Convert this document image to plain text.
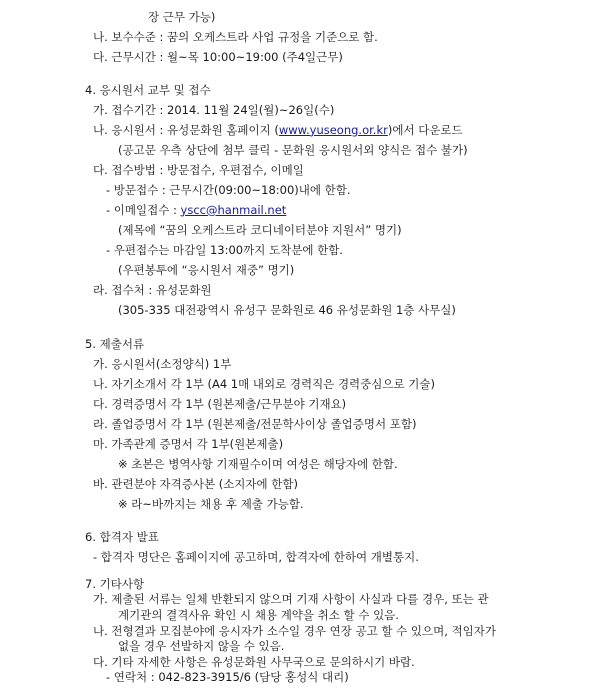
장 근무 가능)
나. 보수수준 : 꿈의 오케스트라 사업 규정을 기준으로 함.
다. 근무시간 : 월~목 10:00~19:00 (주4일근무)
4. 응시원서 교부 및 접수
가. 접수기간 : 2014. 11월 24일(월)~26일(수)
나. 응시원서 : 유성문화원 홈페이지 (www.yuseong.or.kr)에서 다운로드
(공고문 우측 상단에 첨부 클릭 - 문화원 응시원서외 양식은 접수 불가)
다. 접수방법 : 방문접수, 우편접수, 이메일
- 방문접수 : 근무시간(09:00~18:00)내에 한함.
- 이메일접수 : yscc@hanmail.net
(제목에 “꿈의 오케스트라 코디네이터분야 지원서” 명기)
- 우편접수는 마감일 13:00까지 도착분에 한함.
(우편봉투에 “응시원서 재중” 명기)
라. 접수처 : 유성문화원
(305-335 대전광역시 유성구 문화원로 46 유성문화원 1층 사무실)
5. 제출서류
가. 응시원서(소정양식) 1부
나. 자기소개서 각 1부 (A4 1매 내외로 경력직은 경력중심으로 기술)
다. 경력증명서 각 1부 (원본제출/근무분야 기재요)
라. 졸업증명서 각 1부 (원본제출/전문학사이상 졸업증명서 포함)
마. 가족관계 증명서 각 1부(원본제출)
※ 초본은 병역사항 기재필수이며 여성은 해당자에 한함.
바. 관련분야 자격증사본 (소지자에 한함)
※ 라~바까지는 채용 후 제출 가능함.
6. 합격자 발표
- 합격자 명단은 홈페이지에 공고하며, 합격자에 한하여 개별통지.
7. 기타사항
가. 제출된 서류는 일체 반환되지 않으며 기재 사항이 사실과 다를 경우, 또는 관
계기관의 결격사유 확인 시 채용 계약을 취소 할 수 있음.
나. 전형결과 모집분야에 응시자가 소수일 경우 연장 공고 할 수 있으며, 적임자가
없을 경우 선발하지 않을 수 있음.
다. 기타 자세한 사항은 유성문화원 사무국으로 문의하시기 바람.
- 연락처 : 042-823-3915/6 (담당 홍성식 대리)
